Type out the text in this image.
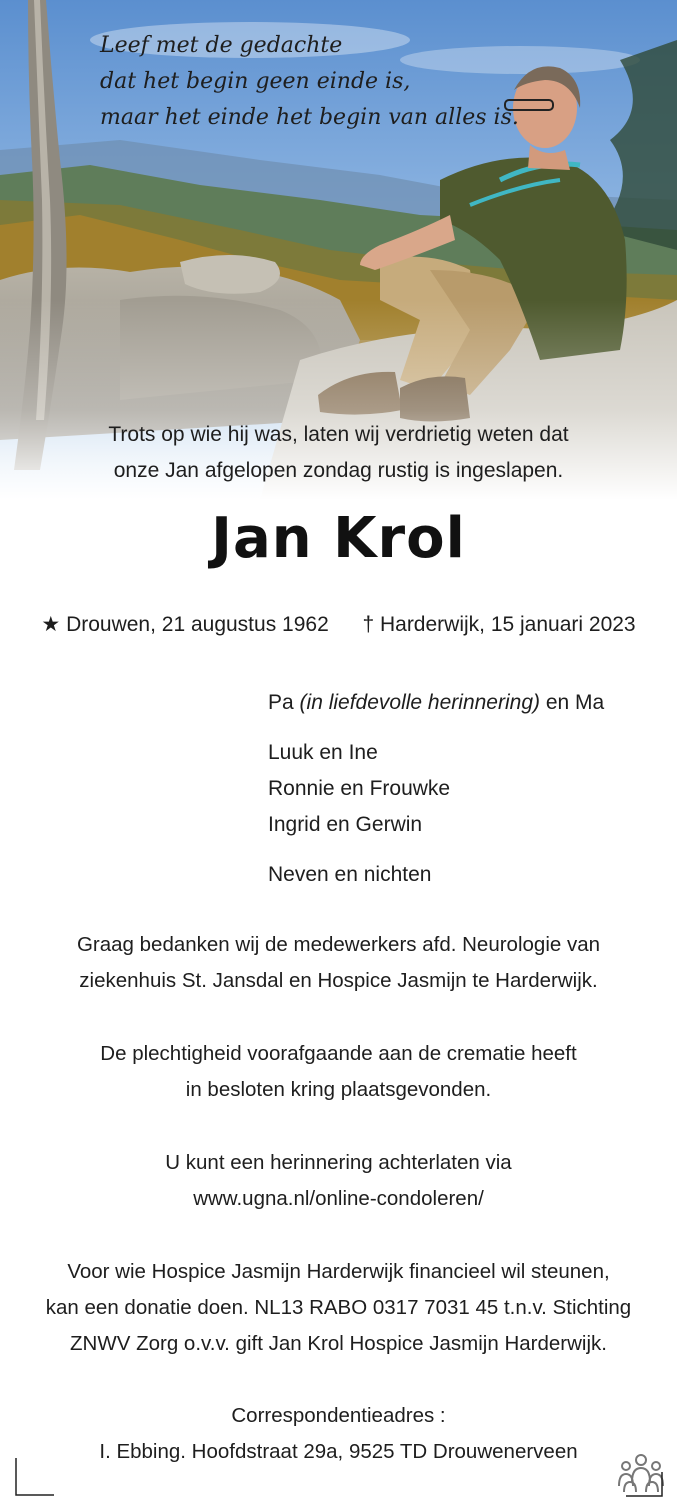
Leef met de gedachte
dat het begin geen einde is,
maar het einde het begin van alles is.
Trots op wie hij was, laten wij verdrietig weten dat
onze Jan afgelopen zondag rustig is ingeslapen.
Jan Krol
★ Drouwen, 21 augustus 1962 † Harderwijk, 15 januari 2023
Pa (in liefdevolle herinnering) en Ma
Luuk en Ine
Ronnie en Frouwke
Ingrid en Gerwin
Neven en nichten
Graag bedanken wij de medewerkers afd. Neurologie van
ziekenhuis St. Jansdal en Hospice Jasmijn te Harderwijk.
De plechtigheid voorafgaande aan de crematie heeft
in besloten kring plaatsgevonden.
U kunt een herinnering achterlaten via
www.ugna.nl/online-condoleren/
Voor wie Hospice Jasmijn Harderwijk financieel wil steunen,
kan een donatie doen. NL13 RABO 0317 7031 45 t.n.v. Stichting
ZNWV Zorg o.v.v. gift Jan Krol Hospice Jasmijn Harderwijk.
Correspondentieadres :
I. Ebbing. Hoofdstraat 29a, 9525 TD Drouwenerveen
